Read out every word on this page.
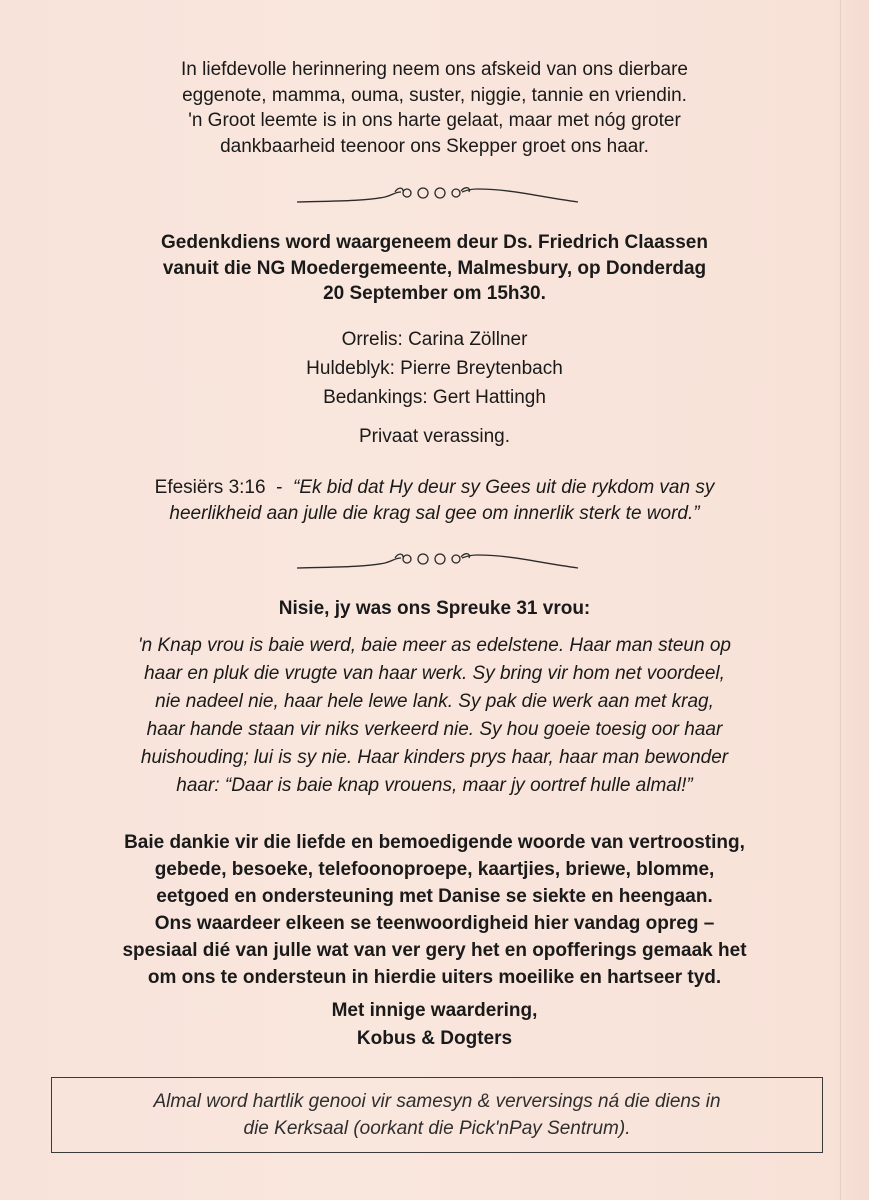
In liefdevolle herinnering neem ons afskeid van ons dierbare
eggenote, mamma, ouma, suster, niggie, tannie en vriendin.
'n Groot leemte is in ons harte gelaat, maar met nóg groter
dankbaarheid teenoor ons Skepper groet ons haar.
Gedenkdiens word waargeneem deur Ds. Friedrich Claassen
vanuit die NG Moedergemeente, Malmesbury, op Donderdag
20 September om 15h30.
Orrelis: Carina Zöllner
Huldeblyk: Pierre Breytenbach
Bedankings: Gert Hattingh
Privaat verassing.
Efesiërs 3:16  -  “Ek bid dat Hy deur sy Gees uit die rykdom van sy
heerlikheid aan julle die krag sal gee om innerlik sterk te word.”
Nisie, jy was ons Spreuke 31 vrou:
'n Knap vrou is baie werd, baie meer as edelstene. Haar man steun op
haar en pluk die vrugte van haar werk. Sy bring vir hom net voordeel,
nie nadeel nie, haar hele lewe lank. Sy pak die werk aan met krag,
haar hande staan vir niks verkeerd nie. Sy hou goeie toesig oor haar
huishouding; lui is sy nie. Haar kinders prys haar, haar man bewonder
haar: “Daar is baie knap vrouens, maar jy oortref hulle almal!”
Baie dankie vir die liefde en bemoedigende woorde van vertroosting,
gebede, besoeke, telefoonoproepe, kaartjies, briewe, blomme,
eetgoed en ondersteuning met Danise se siekte en heengaan.
Ons waardeer elkeen se teenwoordigheid hier vandag opreg –
spesiaal dié van julle wat van ver gery het en opofferings gemaak het
om ons te ondersteun in hierdie uiters moeilike en hartseer tyd.
Met innige waardering,
Kobus & Dogters
Almal word hartlik genooi vir samesyn & verversings ná die diens in
die Kerksaal (oorkant die Pick'nPay Sentrum).
